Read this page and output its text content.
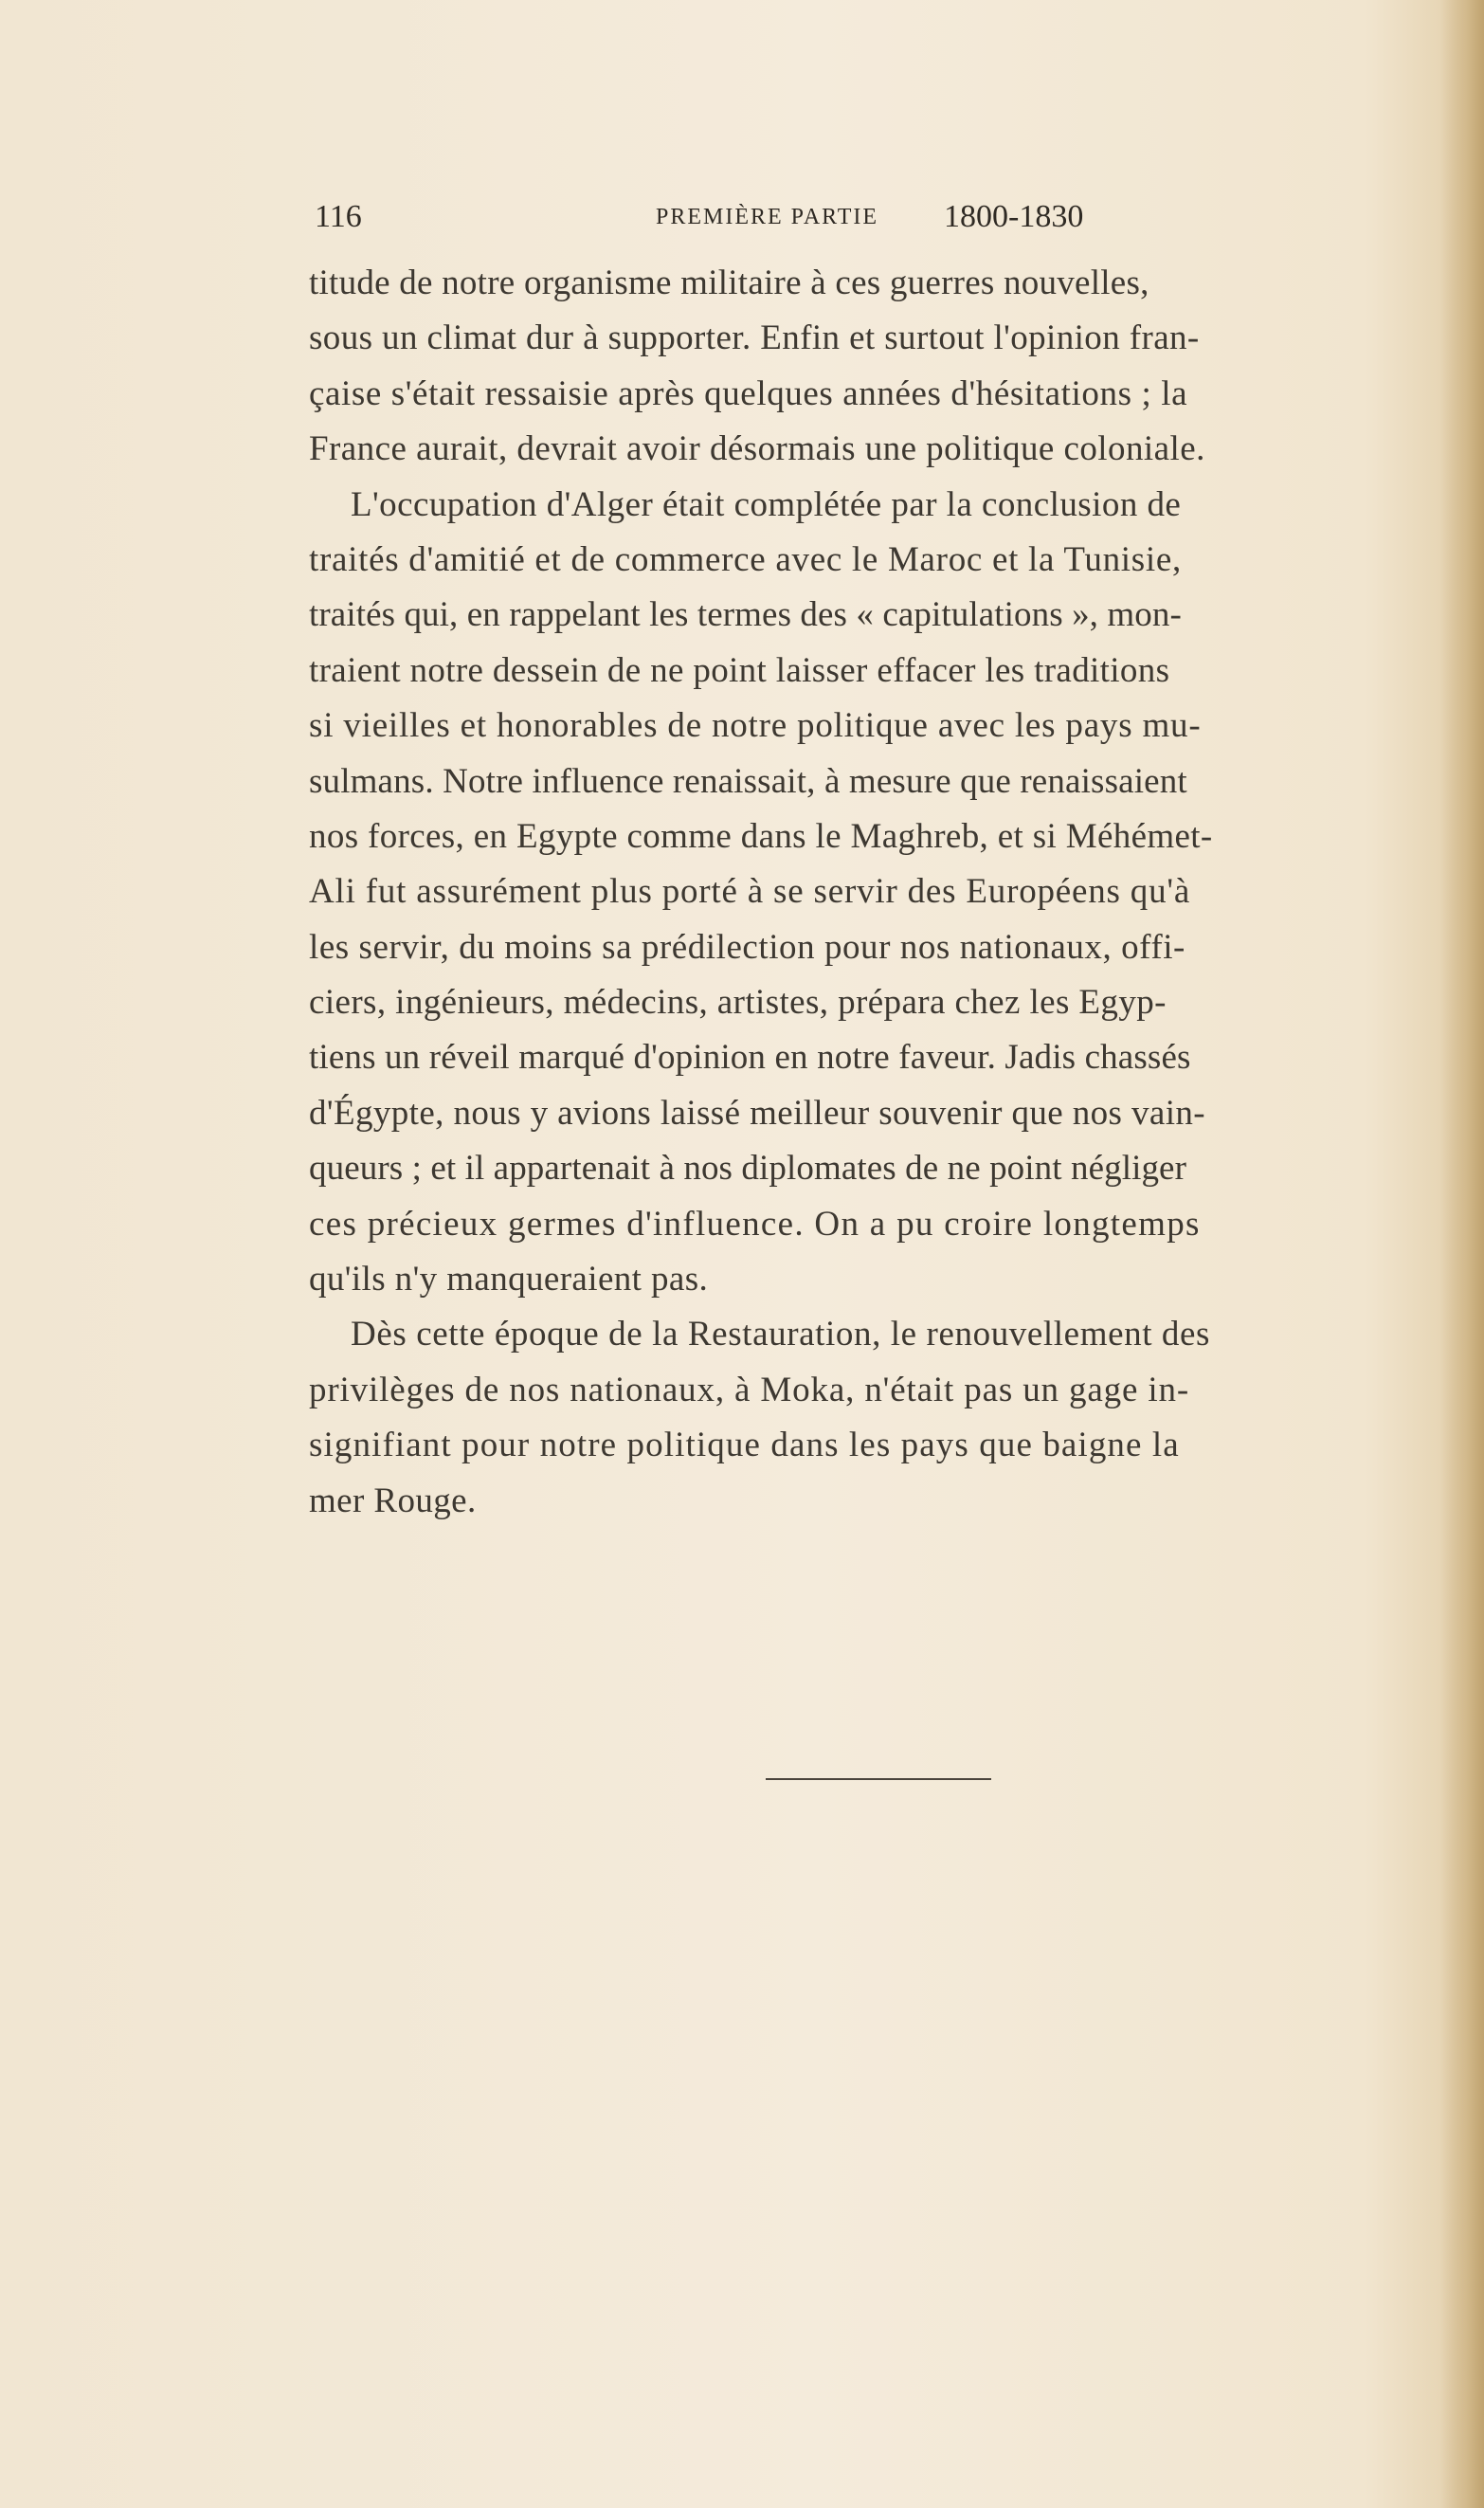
116	PREMIÈRE PARTIE 1800-1830
titude de notre organisme militaire à ces guerres nouvelles,
sous un climat dur à supporter. Enfin et surtout l'opinion fran-
çaise s'était ressaisie après quelques années d'hésitations ; la
France aurait, devrait avoir désormais une politique coloniale.
L'occupation d'Alger était complétée par la conclusion de
traités d'amitié et de commerce avec le Maroc et la Tunisie,
traités qui, en rappelant les termes des « capitulations », mon-
traient notre dessein de ne point laisser effacer les traditions
si vieilles et honorables de notre politique avec les pays mu-
sulmans. Notre influence renaissait, à mesure que renaissaient
nos forces, en Egypte comme dans le Maghreb, et si Méhémet-
Ali fut assurément plus porté à se servir des Européens qu'à
les servir, du moins sa prédilection pour nos nationaux, offi-
ciers, ingénieurs, médecins, artistes, prépara chez les Egyp-
tiens un réveil marqué d'opinion en notre faveur. Jadis chassés
d'Égypte, nous y avions laissé meilleur souvenir que nos vain-
queurs ; et il appartenait à nos diplomates de ne point négliger
ces précieux germes d'influence. On a pu croire longtemps
qu'ils n'y manqueraient pas.
Dès cette époque de la Restauration, le renouvellement des
privilèges de nos nationaux, à Moka, n'était pas un gage in-
signifiant pour notre politique dans les pays que baigne la
mer Rouge.
